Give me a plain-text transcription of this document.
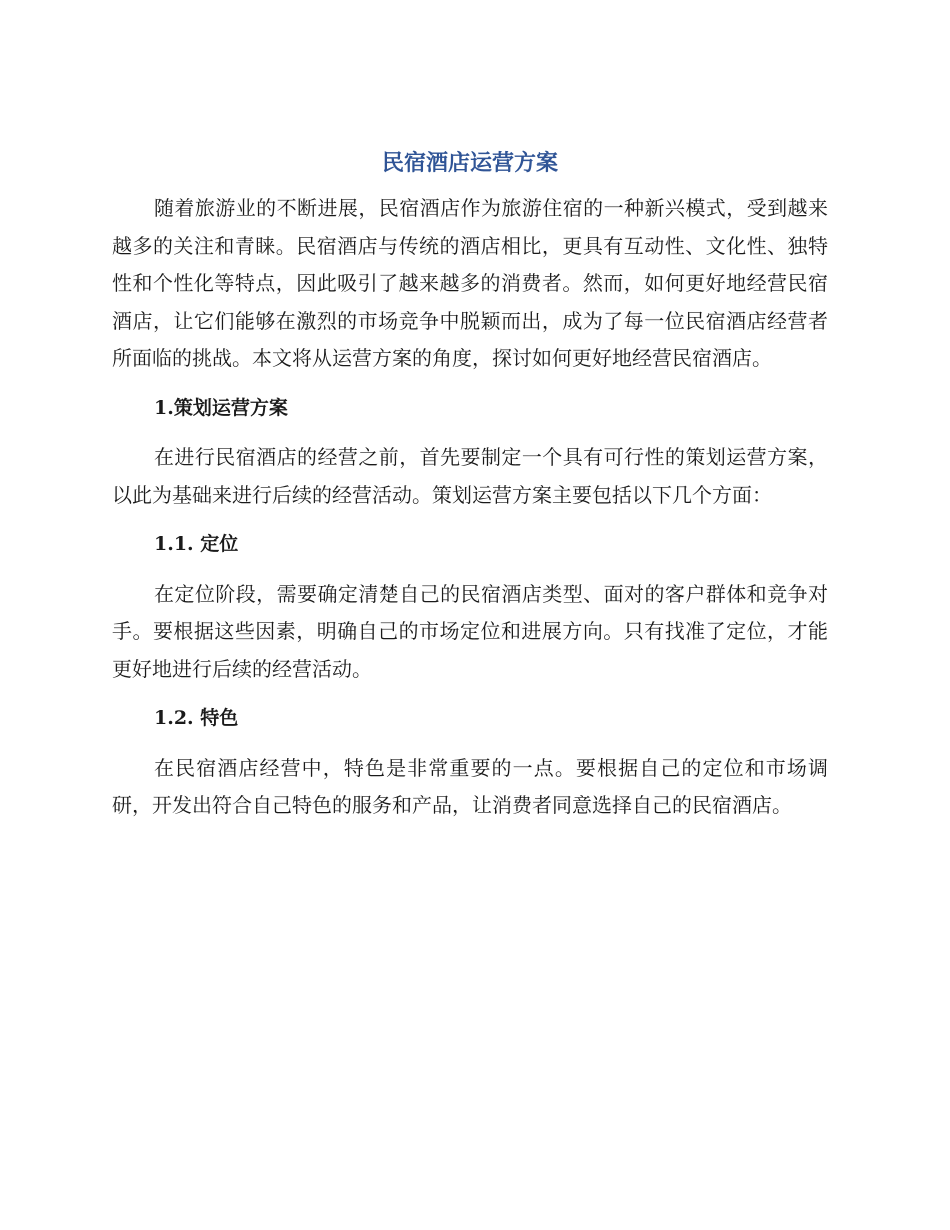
民宿酒店运营方案

随着旅游业的不断进展，民宿酒店作为旅游住宿的一种新兴模式，受到越来越多的关注和青睐。民宿酒店与传统的酒店相比，更具有互动性、文化性、独特性和个性化等特点，因此吸引了越来越多的消费者。然而，如何更好地经营民宿酒店，让它们能够在激烈的市场竞争中脱颖而出，成为了每一位民宿酒店经营者所面临的挑战。本文将从运营方案的角度，探讨如何更好地经营民宿酒店。

1.策划运营方案

在进行民宿酒店的经营之前，首先要制定一个具有可行性的策划运营方案，以此为基础来进行后续的经营活动。策划运营方案主要包括以下几个方面：

1.1. 定位

在定位阶段，需要确定清楚自己的民宿酒店类型、面对的客户群体和竞争对手。要根据这些因素，明确自己的市场定位和进展方向。只有找准了定位，才能更好地进行后续的经营活动。

1.2. 特色

在民宿酒店经营中，特色是非常重要的一点。要根据自己的定位和市场调研，开发出符合自己特色的服务和产品，让消费者同意选择自己的民宿酒店。
